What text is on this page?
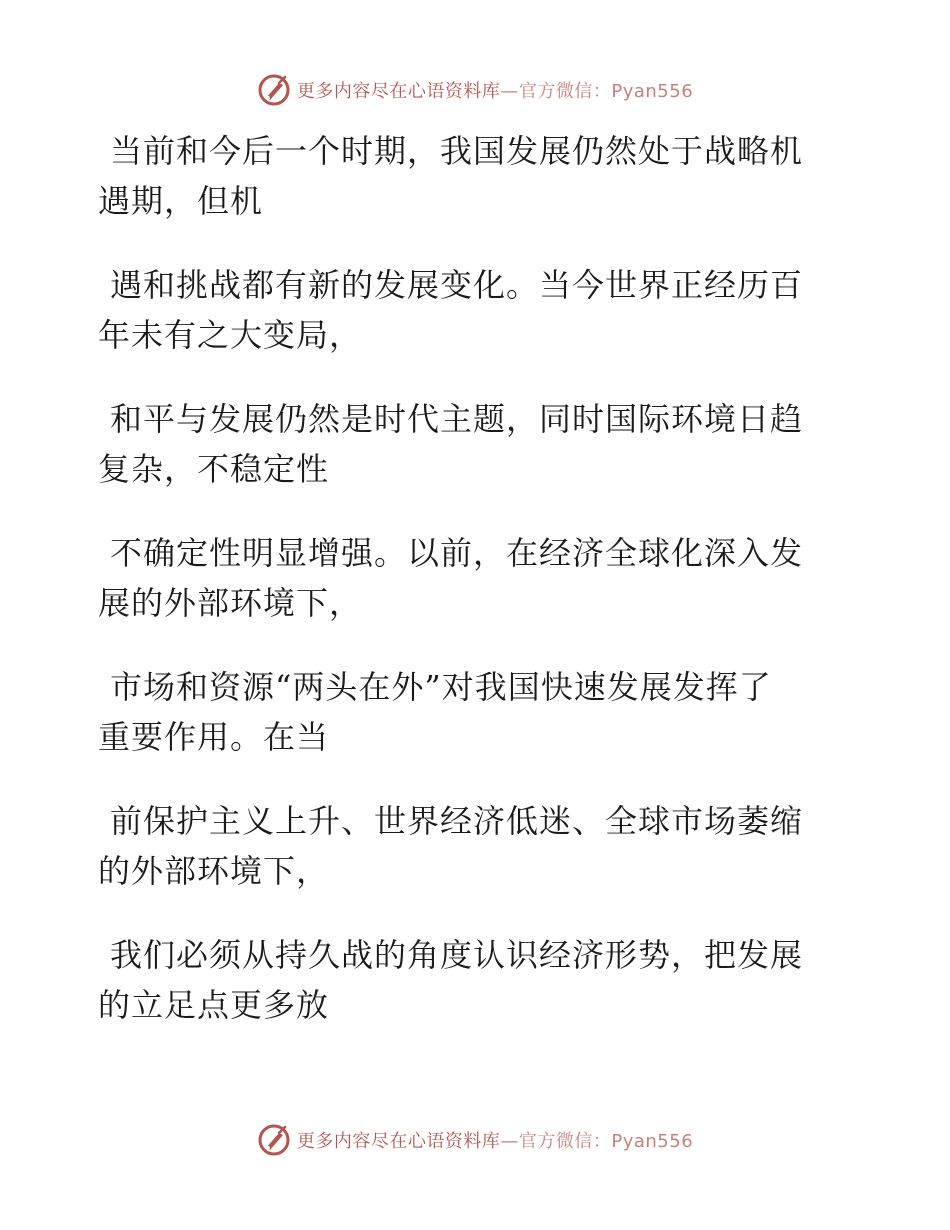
更多内容尽在心语资料库—官方微信：Pyan556

当前和今后一个时期，我国发展仍然处于战略机
遇期，但机

遇和挑战都有新的发展变化。当今世界正经历百
年未有之大变局，

和平与发展仍然是时代主题，同时国际环境日趋
复杂，不稳定性

不确定性明显增强。以前，在经济全球化深入发
展的外部环境下，

市场和资源“两头在外”对我国快速发展发挥了
重要作用。在当

前保护主义上升、世界经济低迷、全球市场萎缩
的外部环境下，

我们必须从持久战的角度认识经济形势，把发展
的立足点更多放

更多内容尽在心语资料库—官方微信：Pyan556
